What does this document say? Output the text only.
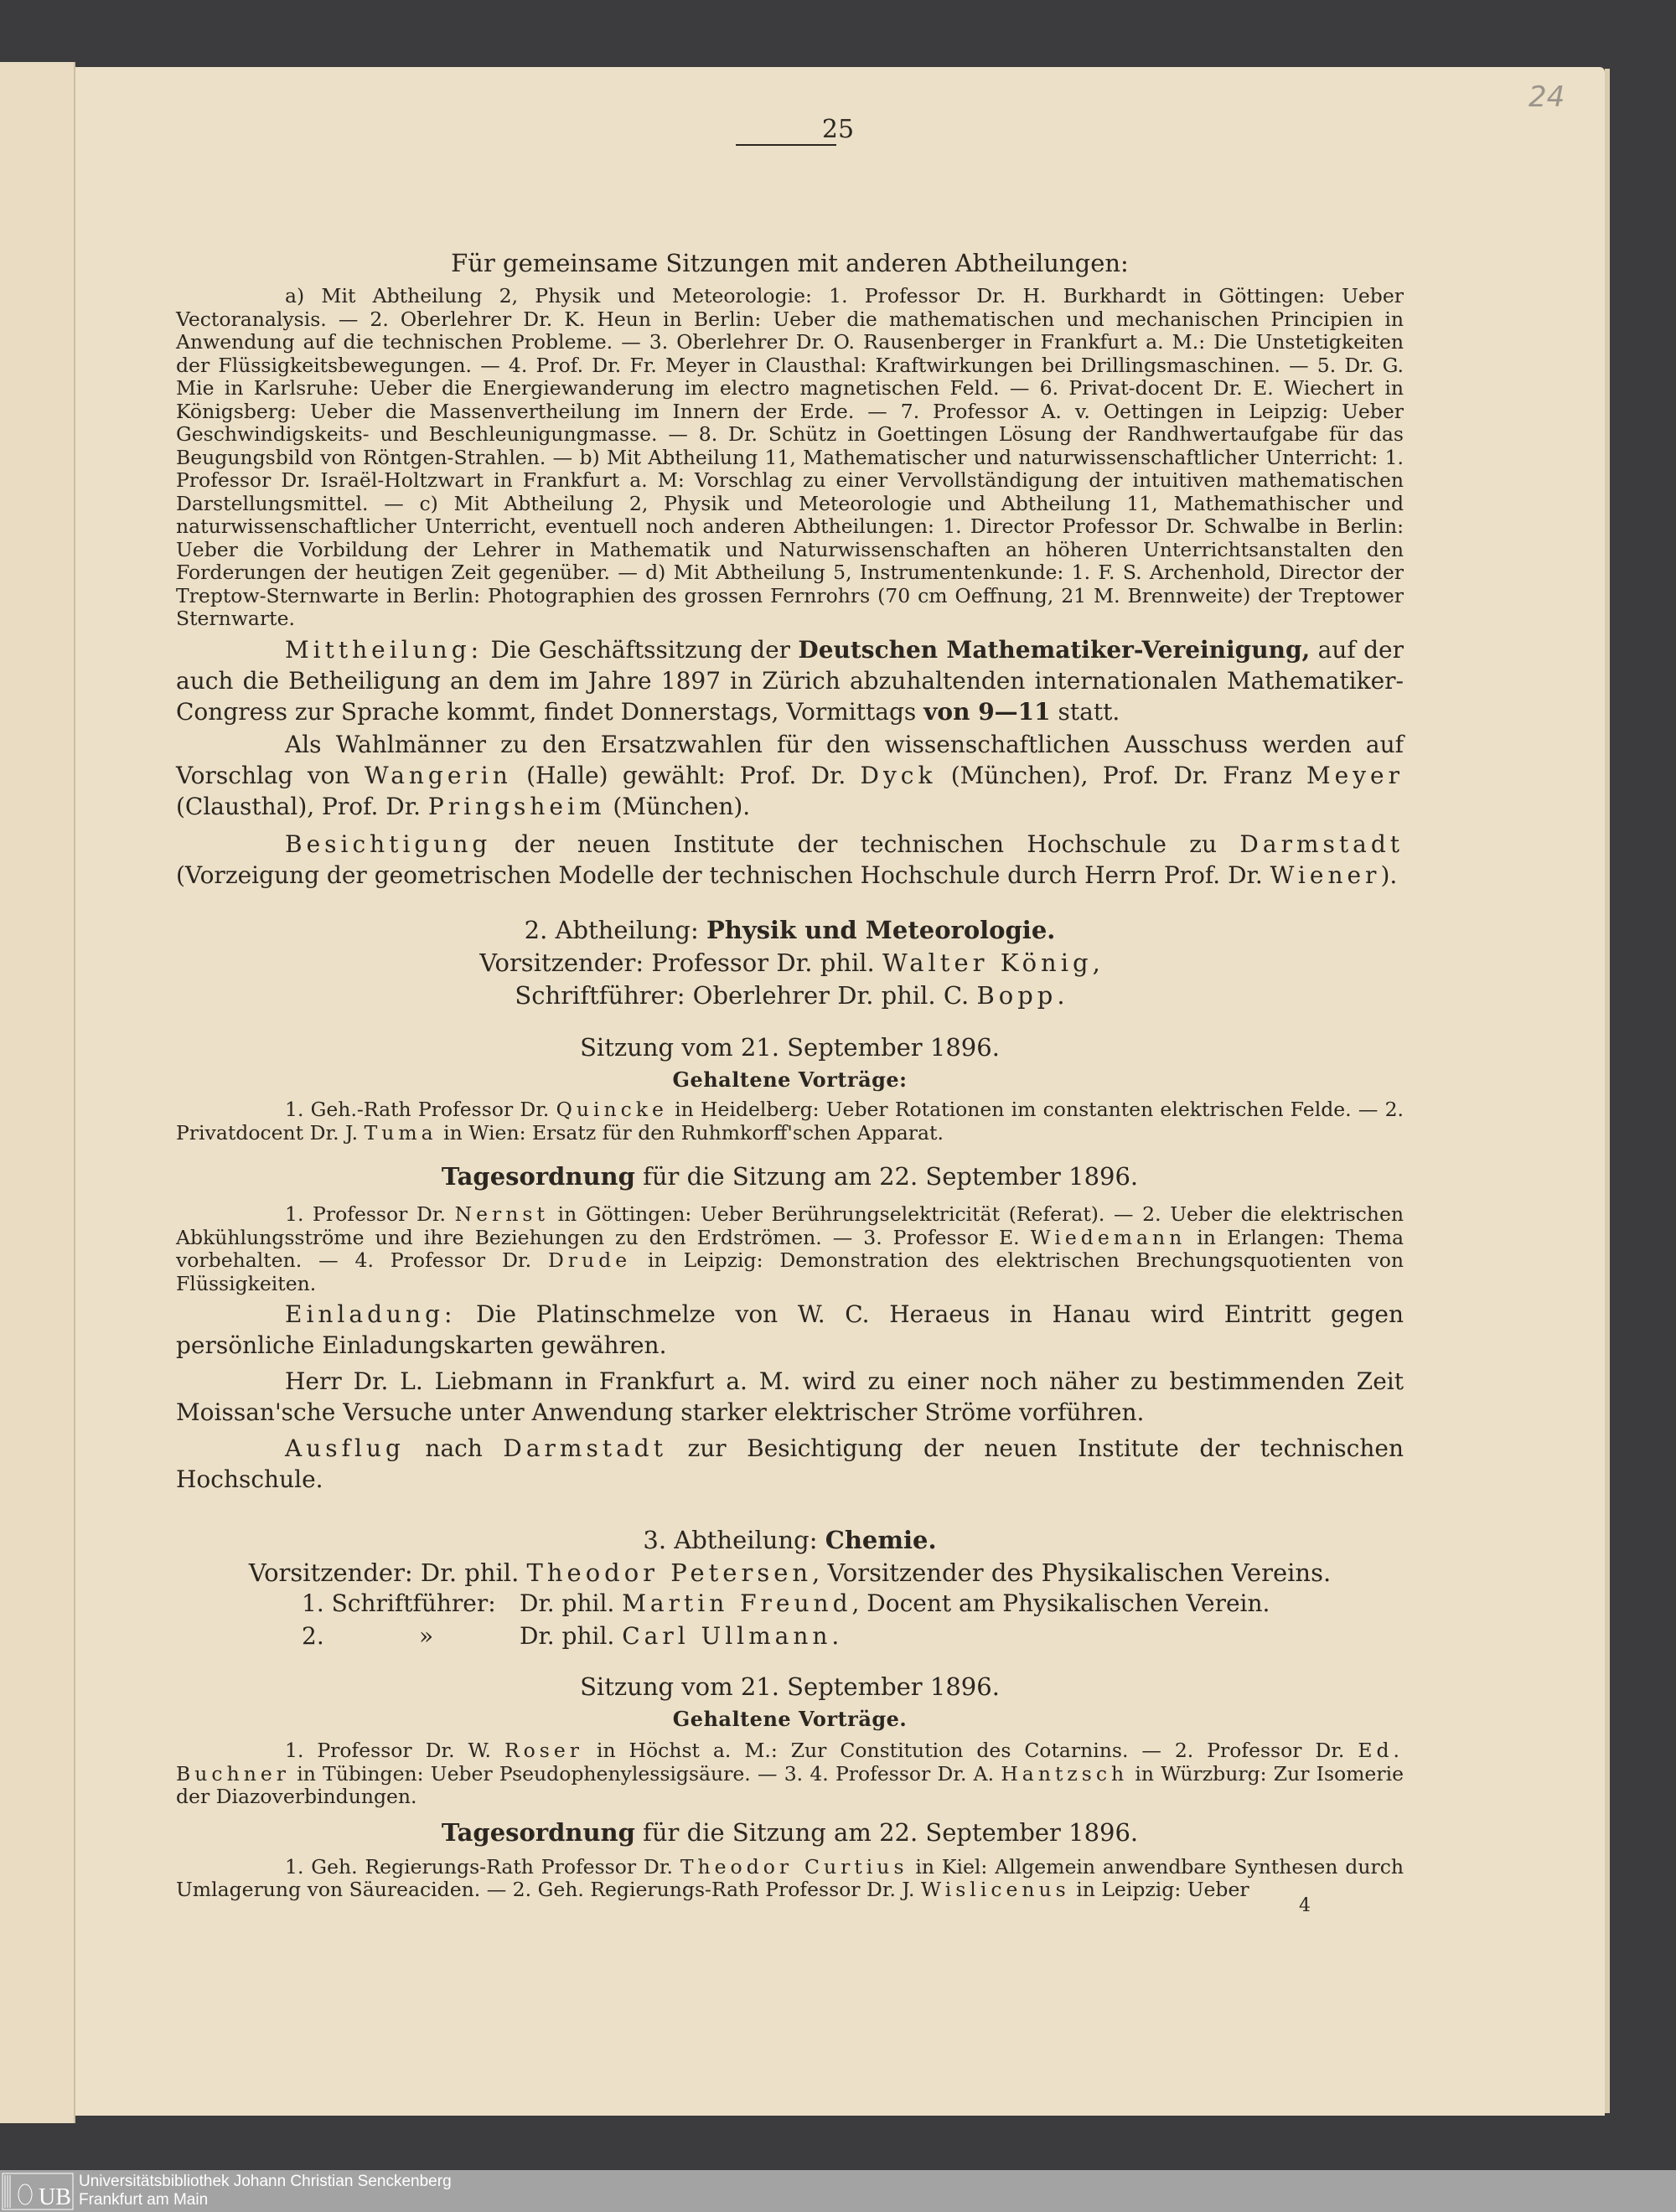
24
25

Für gemeinsame Sitzungen mit anderen Abtheilungen:

a) Mit Abtheilung 2, Physik und Meteorologie: 1. Professor Dr. H. Burkhardt in Göttingen: Ueber Vectoranalysis. — 2. Oberlehrer Dr. K. Heun in Berlin: Ueber die mathematischen und mechanischen Principien in Anwendung auf die technischen Probleme. — 3. Oberlehrer Dr. O. Rausenberger in Frankfurt a. M.: Die Unstetigkeiten der Flüssigkeitsbewegungen. — 4. Prof. Dr. Fr. Meyer in Clausthal: Kraftwirkungen bei Drillingsmaschinen. — 5. Dr. G. Mie in Karlsruhe: Ueber die Energiewanderung im electro magnetischen Feld. — 6. Privat-docent Dr. E. Wiechert in Königsberg: Ueber die Massenvertheilung im Innern der Erde. — 7. Professor A. v. Oettingen in Leipzig: Ueber Geschwindigskeits- und Beschleunigungmasse. — 8. Dr. Schütz in Goettingen Lösung der Randhwertaufgabe für das Beugungsbild von Röntgen-Strahlen. — b) Mit Abtheilung 11, Mathematischer und naturwissenschaftlicher Unterricht: 1. Professor Dr. Israël-Holtzwart in Frankfurt a. M: Vorschlag zu einer Vervollständigung der intuitiven mathematischen Darstellungsmittel. — c) Mit Abtheilung 2, Physik und Meteorologie und Abtheilung 11, Mathemathischer und naturwissenschaftlicher Unterricht, eventuell noch anderen Abtheilungen: 1. Director Professor Dr. Schwalbe in Berlin: Ueber die Vorbildung der Lehrer in Mathematik und Naturwissenschaften an höheren Unterrichtsanstalten den Forderungen der heutigen Zeit gegenüber. — d) Mit Abtheilung 5, Instrumentenkunde: 1. F. S. Archenhold, Director der Treptow-Sternwarte in Berlin: Photographien des grossen Fernrohrs (70 cm Oeffnung, 21 M. Brennweite) der Treptower Sternwarte.

Mittheilung: Die Geschäftssitzung der Deutschen Mathematiker-Vereinigung, auf der auch die Betheiligung an dem im Jahre 1897 in Zürich abzuhaltenden internationalen Mathematiker-Congress zur Sprache kommt, findet Donnerstags, Vormittags von 9—11 statt.

Als Wahlmänner zu den Ersatzwahlen für den wissenschaftlichen Ausschuss werden auf Vorschlag von Wangerin (Halle) gewählt: Prof. Dr. Dyck (München), Prof. Dr. Franz Meyer (Clausthal), Prof. Dr. Pringsheim (München).

Besichtigung der neuen Institute der technischen Hochschule zu Darmstadt (Vorzeigung der geometrischen Modelle der technischen Hochschule durch Herrn Prof. Dr. Wiener).

2. Abtheilung: Physik und Meteorologie.

Vorsitzender: Professor Dr. phil. Walter König,

Schriftführer: Oberlehrer Dr. phil. C. Bopp.

Sitzung vom 21. September 1896.

Gehaltene Vorträge:

1. Geh.-Rath Professor Dr. Quincke in Heidelberg: Ueber Rotationen im constanten elektrischen Felde. — 2. Privatdocent Dr. J. Tuma in Wien: Ersatz für den Ruhmkorff'schen Apparat.

Tagesordnung für die Sitzung am 22. September 1896.

1. Professor Dr. Nernst in Göttingen: Ueber Berührungselektricität (Referat). — 2. Ueber die elektrischen Abkühlungsströme und ihre Beziehungen zu den Erdströmen. — 3. Professor E. Wiedemann in Erlangen: Thema vorbehalten. — 4. Professor Dr. Drude in Leipzig: Demonstration des elektrischen Brechungsquotienten von Flüssigkeiten.

Einladung: Die Platinschmelze von W. C. Heraeus in Hanau wird Eintritt gegen persönliche Einladungskarten gewähren.

Herr Dr. L. Liebmann in Frankfurt a. M. wird zu einer noch näher zu bestimmenden Zeit Moissan'sche Versuche unter Anwendung starker elektrischer Ströme vorführen.

Ausflug nach Darmstadt zur Besichtigung der neuen Institute der technischen Hochschule.

3. Abtheilung: Chemie.

Vorsitzender: Dr. phil. Theodor Petersen, Vorsitzender des Physikalischen Vereins.

1. Schriftführer: Dr. phil. Martin Freund, Docent am Physikalischen Verein.
2.	»	Dr. phil. Carl Ullmann.

Sitzung vom 21. September 1896.

Gehaltene Vorträge.

1. Professor Dr. W. Roser in Höchst a. M.: Zur Constitution des Cotarnins. — 2. Professor Dr. Ed. Buchner in Tübingen: Ueber Pseudophenylessigsäure. — 3. 4. Professor Dr. A. Hantzsch in Würzburg: Zur Isomerie der Diazoverbindungen.

Tagesordnung für die Sitzung am 22. September 1896.

1. Geh. Regierungs-Rath Professor Dr. Theodor Curtius in Kiel: Allgemein anwendbare Synthesen durch Umlagerung von Säureaciden. — 2. Geh. Regierungs-Rath Professor Dr. J. Wislicenus in Leipzig: Ueber

4
UB
Universitätsbibliothek Johann Christian Senckenberg
Frankfurt am Main
